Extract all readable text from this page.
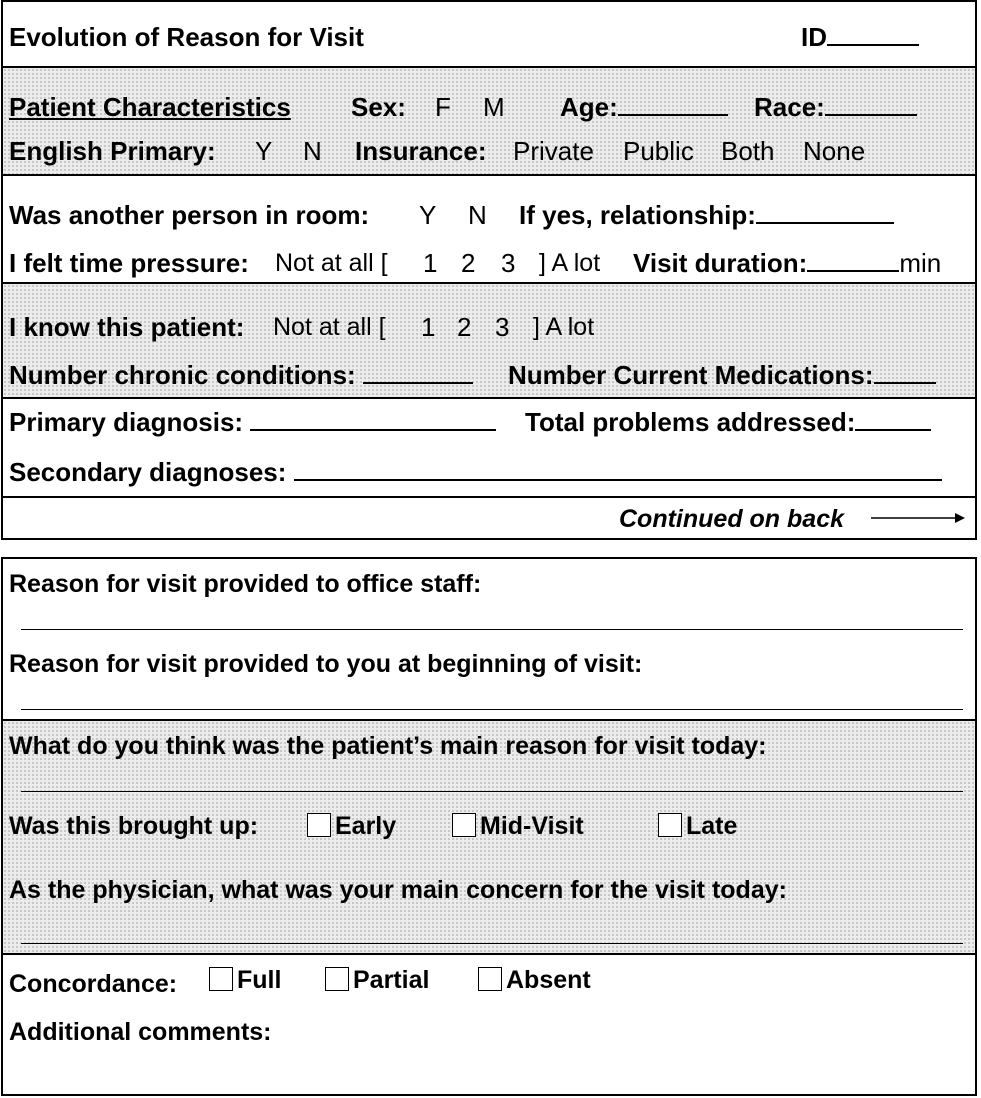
Evolution of Reason for Visit	ID
Patient Characteristics Sex: F M Age:	Race:
English Primary: Y N Insurance: Private Public Both None
Was another person in room: Y N If yes, relationship:
I felt time pressure: Not at all [ 1 2 3 ] A lot Visit duration:	min
I know this patient: Not at all [ 1 2 3 ] A lot
Number chronic conditions:	Number Current Medications:
Primary diagnosis:	Total problems addressed:
Secondary diagnoses:
Continued on back
Reason for visit provided to office staff:
Reason for visit provided to you at beginning of visit:
What do you think was the patient’s main reason for visit today:
Was this brought up:	Early	Mid-Visit	Late
As the physician, what was your main concern for the visit today:
Concordance:	Full	Partial	Absent
Additional comments:
